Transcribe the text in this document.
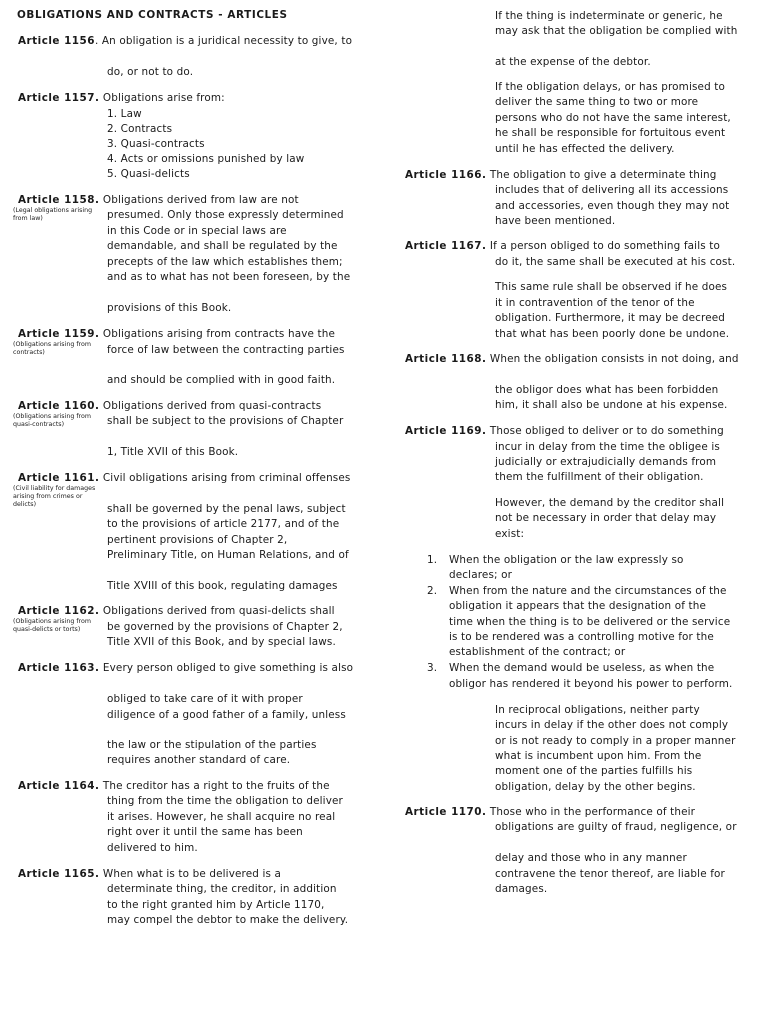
OBLIGATIONS AND CONTRACTS - ARTICLES
Article 1156. An obligation is a juridical necessity to give, to
do, or not to do.
Article 1157. Obligations arise from:
1. Law
2. Contracts
3. Quasi-contracts
4. Acts or omissions punished by law
5. Quasi-delicts
Article 1158. Obligations derived from law are not
(Legal obligations arising
from law)	presumed. Only those expressly determined
in this Code or in special laws are
demandable, and shall be regulated by the
precepts of the law which establishes them;
and as to what has not been foreseen, by the
provisions of this Book.
Article 1159. Obligations arising from contracts have the
(Obligations arising from
contracts)	force of law between the contracting parties
and should be complied with in good faith.
Article 1160. Obligations derived from quasi-contracts
(Obligations arising from
quasi-contracts)	shall be subject to the provisions of Chapter
1, Title XVII of this Book.
Article 1161. Civil obligations arising from criminal offenses
(Civil liability for damages
arising from crimes or
delicts)	shall be governed by the penal laws, subject
to the provisions of article 2177, and of the
pertinent provisions of Chapter 2,
Preliminary Title, on Human Relations, and of
Title XVIII of this book, regulating damages
Article 1162. Obligations derived from quasi-delicts shall
(Obligations arising from
quasi-delicts or torts)	be governed by the provisions of Chapter 2,
Title XVII of this Book, and by special laws.
Article 1163. Every person obliged to give something is also
obliged to take care of it with proper
diligence of a good father of a family, unless
the law or the stipulation of the parties
requires another standard of care.
Article 1164. The creditor has a right to the fruits of the
thing from the time the obligation to deliver
it arises. However, he shall acquire no real
right over it until the same has been
delivered to him.
Article 1165. When what is to be delivered is a
determinate thing, the creditor, in addition
to the right granted him by Article 1170,
may compel the debtor to make the delivery.
If the thing is indeterminate or generic, he
may ask that the obligation be complied with
at the expense of the debtor.
If the obligation delays, or has promised to
deliver the same thing to two or more
persons who do not have the same interest,
he shall be responsible for fortuitous event
until he has effected the delivery.
Article 1166. The obligation to give a determinate thing
includes that of delivering all its accessions
and accessories, even though they may not
have been mentioned.
Article 1167. If a person obliged to do something fails to
do it, the same shall be executed at his cost.
This same rule shall be observed if he does
it in contravention of the tenor of the
obligation. Furthermore, it may be decreed
that what has been poorly done be undone.
Article 1168. When the obligation consists in not doing, and
the obligor does what has been forbidden
him, it shall also be undone at his expense.
Article 1169. Those obliged to deliver or to do something
incur in delay from the time the obligee is
judicially or extrajudicially demands from
them the fulfillment of their obligation.
However, the demand by the creditor shall
not be necessary in order that delay may
exist:
1. When the obligation or the law expressly so
declares; or
2. When from the nature and the circumstances of the
obligation it appears that the designation of the
time when the thing is to be delivered or the service
is to be rendered was a controlling motive for the
establishment of the contract; or
3. When the demand would be useless, as when the
obligor has rendered it beyond his power to perform.
In reciprocal obligations, neither party
incurs in delay if the other does not comply
or is not ready to comply in a proper manner
what is incumbent upon him. From the
moment one of the parties fulfills his
obligation, delay by the other begins.
Article 1170. Those who in the performance of their
obligations are guilty of fraud, negligence, or
delay and those who in any manner
contravene the tenor thereof, are liable for
damages.
